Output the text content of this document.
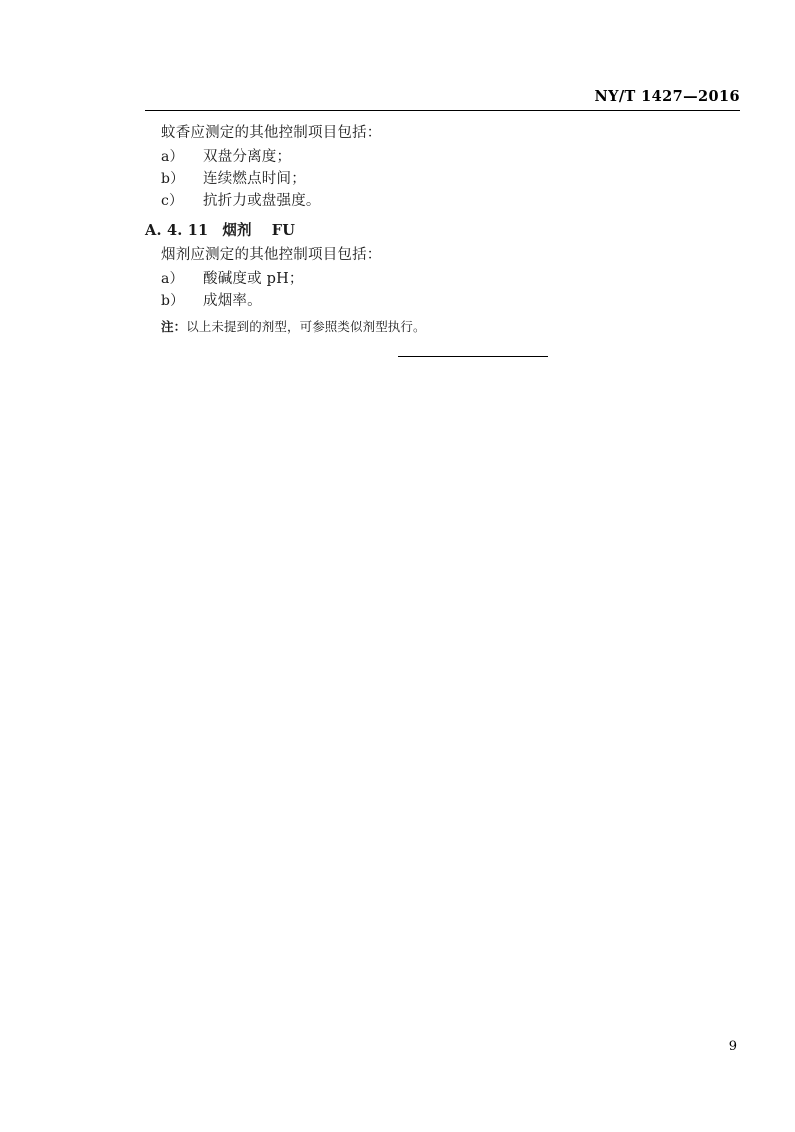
NY/T 1427—2016

蚊香应测定的其他控制项目包括：

a）	双盘分离度；
b）	连续燃点时间；
c）	抗折力或盘强度。
A. 4. 11 烟剂 FU

烟剂应测定的其他控制项目包括：

a）	酸碱度或 pH；
b）	成烟率。

注：以上未提到的剂型，可参照类似剂型执行。

9
